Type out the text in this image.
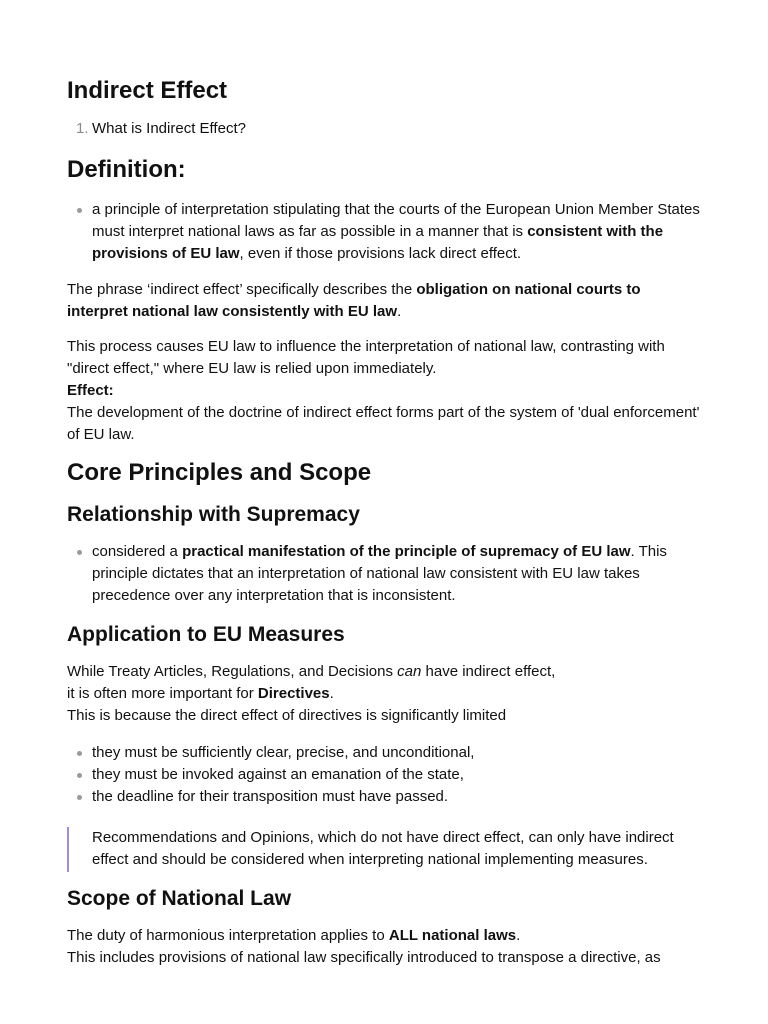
Indirect Effect
1. What is Indirect Effect?
Definition:
a principle of interpretation stipulating that the courts of the European Union Member States must interpret national laws as far as possible in a manner that is consistent with the provisions of EU law, even if those provisions lack direct effect.

The phrase ‘indirect effect’ specifically describes the obligation on national courts to interpret national law consistently with EU law.

This process causes EU law to influence the interpretation of national law, contrasting with "direct effect," where EU law is relied upon immediately.

Effect:

The development of the doctrine of indirect effect forms part of the system of 'dual enforcement' of EU law.

Core Principles and Scope
Relationship with Supremacy
considered a practical manifestation of the principle of supremacy of EU law. This principle dictates that an interpretation of national law consistent with EU law takes precedence over any interpretation that is inconsistent.
Application to EU Measures

While Treaty Articles, Regulations, and Decisions can have indirect effect,

it is often more important for Directives.

This is because the direct effect of directives is significantly limited

they must be sufficiently clear, precise, and unconditional,
they must be invoked against an emanation of the state,
the deadline for their transposition must have passed.

Recommendations and Opinions, which do not have direct effect, can only have indirect effect and should be considered when interpreting national implementing measures.

Scope of National Law

The duty of harmonious interpretation applies to ALL national laws.

This includes provisions of national law specifically introduced to transpose a directive, as
